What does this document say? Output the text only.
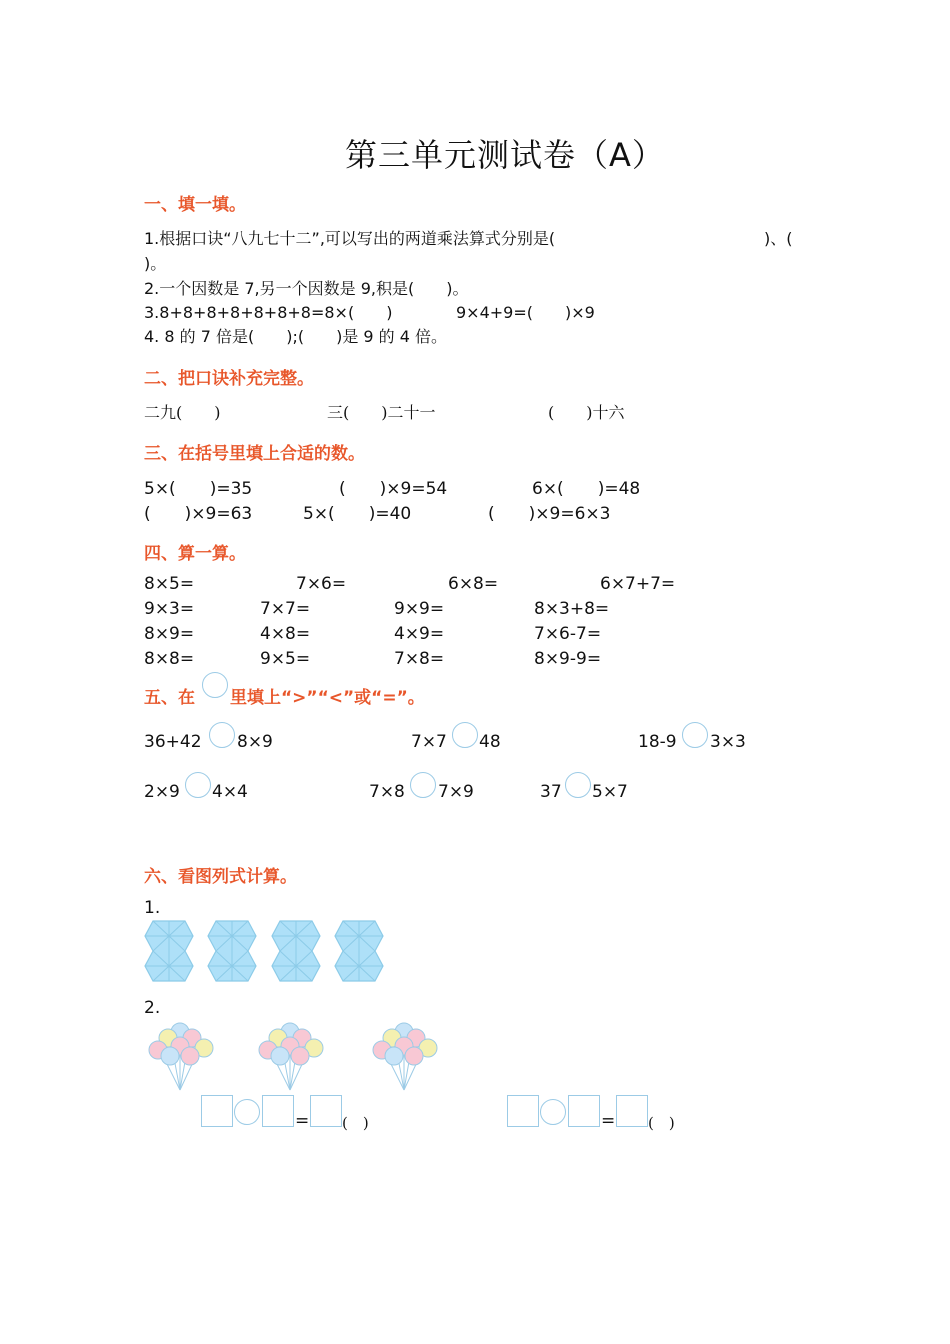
第三单元测试卷（A）
一、填一填。
1.根据口诀“八九七十二”,可以写出的两道乘法算式分别是(	)、(
)。
2.一个因数是 7,另一个因数是 9,积是(　　)。
3.8+8+8+8+8+8+8=8×(　　)	9×4+9=(　　)×9
4. 8 的 7 倍是(　　);(　　)是 9 的 4 倍。
二、把口诀补充完整。
二九(　　)	三(　　)二十一	(　　)十六
三、在括号里填上合适的数。
5×(　　)=35	(　　)×9=54	6×(　　)=48
(　　)×9=63	5×(　　)=40	(　　)×9=6×3
四、算一算。
8×5=	7×6=	6×8=	6×7+7=
9×3=	7×7=	9×9=	8×3+8=
8×9=	4×8=	4×9=	7×6-7=
8×8=	9×5=	7×8=	8×9-9=
五、在 里填上“>”“<”或“=”。
36+42 8×9	7×7 48	18-9 3×3
2×9 4×4	7×8 7×9	37 5×7
六、看图列式计算。
1.
2.
= (　)	= (　)
